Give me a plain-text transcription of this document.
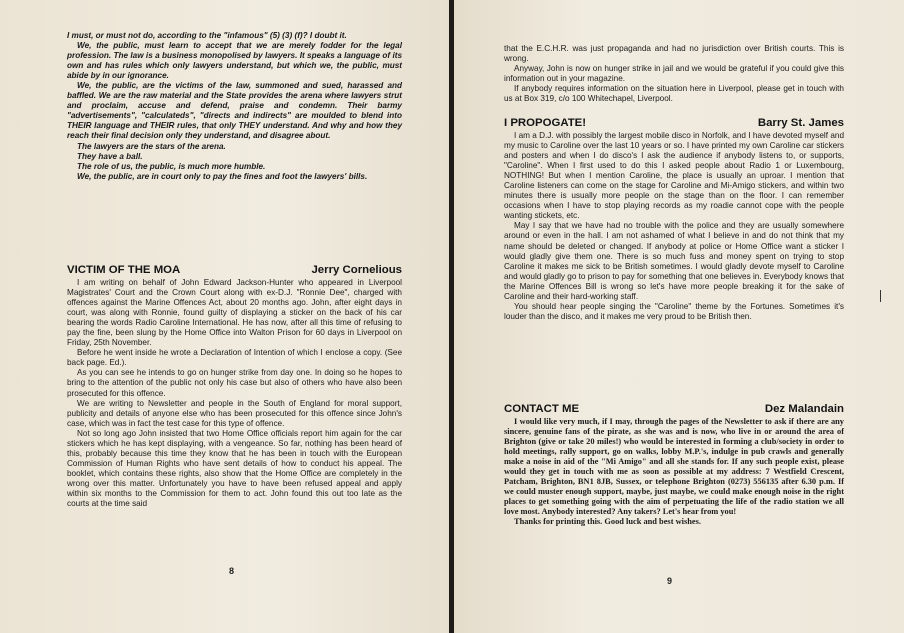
I must, or must not do, according to the "infamous" (5) (3) (f)? I doubt it.

We, the public, must learn to accept that we are merely fodder for the legal profession. The law is a business monopolised by lawyers. It speaks a language of its own and has rules which only lawyers understand, but which we, the public, must abide by in our ignorance.

We, the public, are the victims of the law, summoned and sued, harassed and baffled. We are the raw material and the State provides the arena where lawyers strut and proclaim, accuse and defend, praise and condemn. Their barmy "advertisements", "calculateds", "directs and indirects" are moulded to blend into THEIR language and THEIR rules, that only THEY understand. And why and how they reach their final decision only they understand, and disagree about.

The lawyers are the stars of the arena.

They have a ball.

The role of us, the public, is much more humble.

We, the public, are in court only to pay the fines and foot the lawyers' bills.

VICTIM OF THE MOA	Jerry Cornelious

I am writing on behalf of John Edward Jackson-Hunter who appeared in Liverpool Magistrates' Court and the Crown Court along with ex-D.J. "Ronnie Dee", charged with offences against the Marine Offences Act, about 20 months ago. John, after eight days in court, was along with Ronnie, found guilty of displaying a sticker on the back of his car bearing the words Radio Caroline International. He has now, after all this time of refusing to pay the fine, been slung by the Home Office into Walton Prison for 60 days in Liverpool on Friday, 25th November.

Before he went inside he wrote a Declaration of Intention of which I enclose a copy. (See back page. Ed.).

As you can see he intends to go on hunger strike from day one. In doing so he hopes to bring to the attention of the public not only his case but also of others who have also been prosecuted for this offence.

We are writing to Newsletter and people in the South of England for moral support, publicity and details of anyone else who has been prosecuted for this offence since John's case, which was in fact the test case for this type of offence.

Not so long ago John insisted that two Home Office officials report him again for the car stickers which he has kept displaying, with a vengeance. So far, nothing has been heard of this, probably because this time they know that he has been in touch with the European Commission of Human Rights who have sent details of how to conduct his appeal. The booklet, which contains these rights, also show that the Home Office are completely in the wrong over this matter. Unfortunately you have to have been refused appeal and apply within six months to the Commission for them to act. John found this out too late as the courts at the time said

8

that the E.C.H.R. was just propaganda and had no jurisdiction over British courts. This is wrong.

Anyway, John is now on hunger strike in jail and we would be grateful if you could give this information out in your magazine.

If anybody requires information on the situation here in Liverpool, please get in touch with us at Box 319, c/o 100 Whitechapel, Liverpool.

I PROPOGATE!	Barry St. James

I am a D.J. with possibly the largest mobile disco in Norfolk, and I have devoted myself and my music to Caroline over the last 10 years or so. I have printed my own Caroline car stickers and posters and when I do disco's I ask the audience if anybody listens to, or supports, "Caroline". When I first used to do this I asked people about Radio 1 or Luxembourg, NOTHING! But when I mention Caroline, the place is usually an uproar. I mention that Caroline listeners can come on the stage for Caroline and Mi-Amigo stickers, and within two minutes there is usually more people on the stage than on the floor. I can remember occasions when I have to stop playing records as my roadie cannot cope with the people wanting stickets, etc.

May I say that we have had no trouble with the police and they are usually somewhere around or even in the hall. I am not ashamed of what I believe in and do not think that my name should be deleted or changed. If anybody at police or Home Office want a sticker I would gladly give them one. There is so much fuss and money spent on trying to stop Caroline it makes me sick to be British sometimes. I would gladly devote myself to Caroline and would gladly go to prison to pay for something that one believes in. Everybody knows that the Marine Offences Bill is wrong so let's have more people breaking it for the sake of Caroline and their hard-working staff.

You should hear people singing the "Caroline" theme by the Fortunes. Sometimes it's louder than the disco, and it makes me very proud to be British then.

CONTACT ME	Dez Malandain

I would like very much, if I may, through the pages of the Newsletter to ask if there are any sincere, genuine fans of the pirate, as she was and is now, who live in or around the area of Brighton (give or take 20 miles!) who would be interested in forming a club/society in order to hold meetings, rally support, go on walks, lobby M.P.'s, indulge in pub crawls and generally make a noise in aid of the "Mi Amigo" and all she stands for. If any such people exist, please would they get in touch with me as soon as possible at my address: 7 Westfield Crescent, Patcham, Brighton, BN1 8JB, Sussex, or telephone Brighton (0273) 556135 after 6.30 p.m. If we could muster enough support, maybe, just maybe, we could make enough noise in the right places to get something going with the aim of perpetuating the life of the radio station we all love most. Anybody interested? Any takers? Let's hear from you!

Thanks for printing this. Good luck and best wishes.

9
